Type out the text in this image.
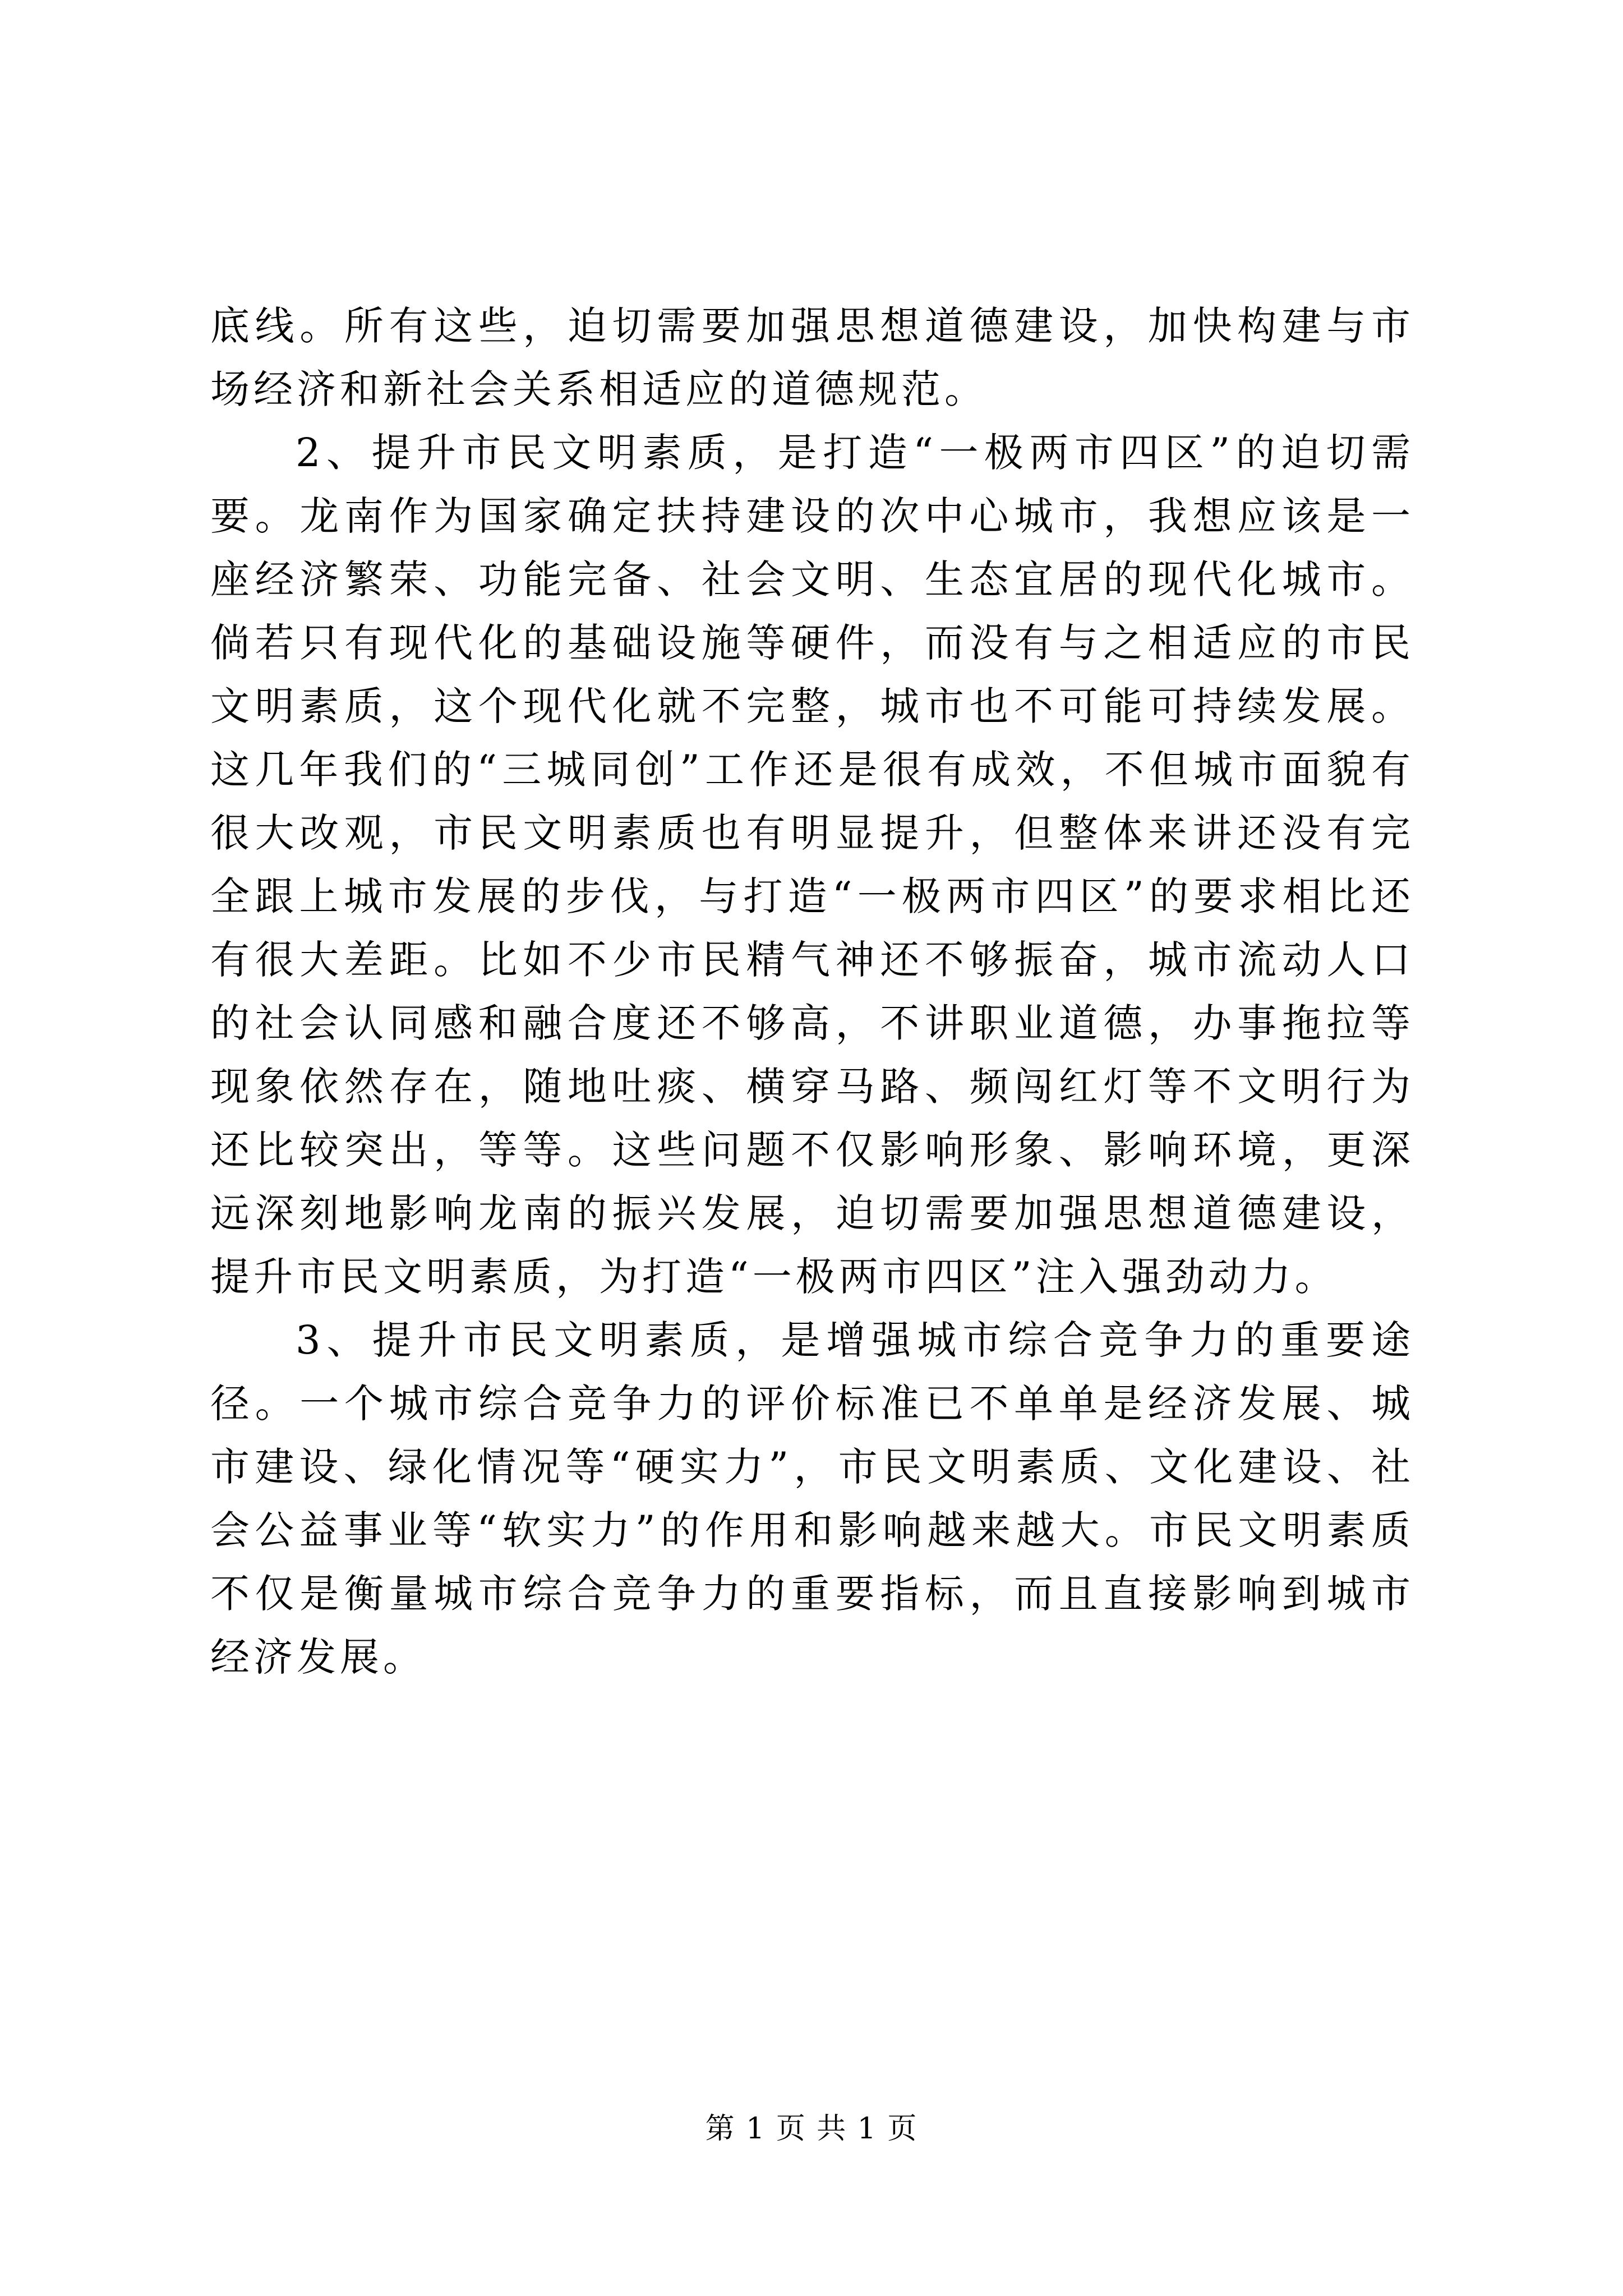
底线。所有这些，迫切需要加强思想道德建设，加快构建与市场经济和新社会关系相适应的道德规范。

2、提升市民文明素质，是打造“一极两市四区”的迫切需要。龙南作为国家确定扶持建设的次中心城市，我想应该是一座经济繁荣、功能完备、社会文明、生态宜居的现代化城市。倘若只有现代化的基础设施等硬件，而没有与之相适应的市民文明素质，这个现代化就不完整，城市也不可能可持续发展。这几年我们的“三城同创”工作还是很有成效，不但城市面貌有很大改观，市民文明素质也有明显提升，但整体来讲还没有完全跟上城市发展的步伐，与打造“一极两市四区”的要求相比还有很大差距。比如不少市民精气神还不够振奋，城市流动人口的社会认同感和融合度还不够高，不讲职业道德，办事拖拉等现象依然存在，随地吐痰、横穿马路、频闯红灯等不文明行为还比较突出，等等。这些问题不仅影响形象、影响环境，更深远深刻地影响龙南的振兴发展，迫切需要加强思想道德建设，提升市民文明素质，为打造“一极两市四区”注入强劲动力。

3、提升市民文明素质，是增强城市综合竞争力的重要途径。一个城市综合竞争力的评价标准已不单单是经济发展、城市建设、绿化情况等“硬实力”，市民文明素质、文化建设、社会公益事业等“软实力”的作用和影响越来越大。市民文明素质不仅是衡量城市综合竞争力的重要指标，而且直接影响到城市经济发展。

第 1 页 共 1 页
